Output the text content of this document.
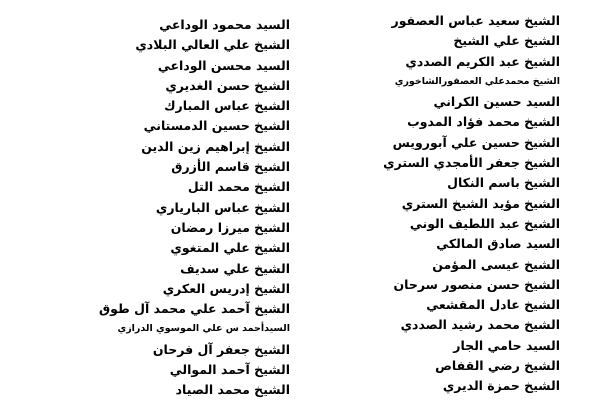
الشيخ سعيد عباس العصفور
الشيخ علي الشيخ
الشيخ عبد الكريم الصددي
الشيخ محمدعلي العصفورالشاخوري
السيد حسين الكراني
الشيخ محمد فؤاد المدوب
الشيخ حسين علي آبورويس
الشيخ جعفر الأمجدي الستري
الشيخ باسم النكال
الشيخ مؤيد الشيخ الستري
الشيخ عبد اللطيف الوني
السيد صادق المالكي
الشيخ عيسى المؤمن
الشيخ حسن منصور سرحان
الشيخ عادل المقشعي
الشيخ محمد رشيد الصددي
السيد حامي الجار
الشيخ رضي القفاص
الشيخ حمزة الديري
السيد محمود الوداعي
الشيخ علي العالي البلادي
السيد محسن الوداعي
الشيخ حسن الغديري
الشيخ عباس المبارك
الشيخ حسين الدمستاني
الشيخ إبراهيم زين الدين
الشيخ قاسم الأزرق
الشيخ محمد التل
الشيخ عباس البارياري
الشيخ ميرزا رمضان
الشيخ علي المتغوي
الشيخ علي سديف
الشيخ إدريس العكري
الشيخ آحمد علي محمد آل طوق
السيدأحمد س علي الموسوي الدرازي
الشيخ جعفر آل فرحان
الشيخ آحمد الموالي
الشيخ محمد الصياد
